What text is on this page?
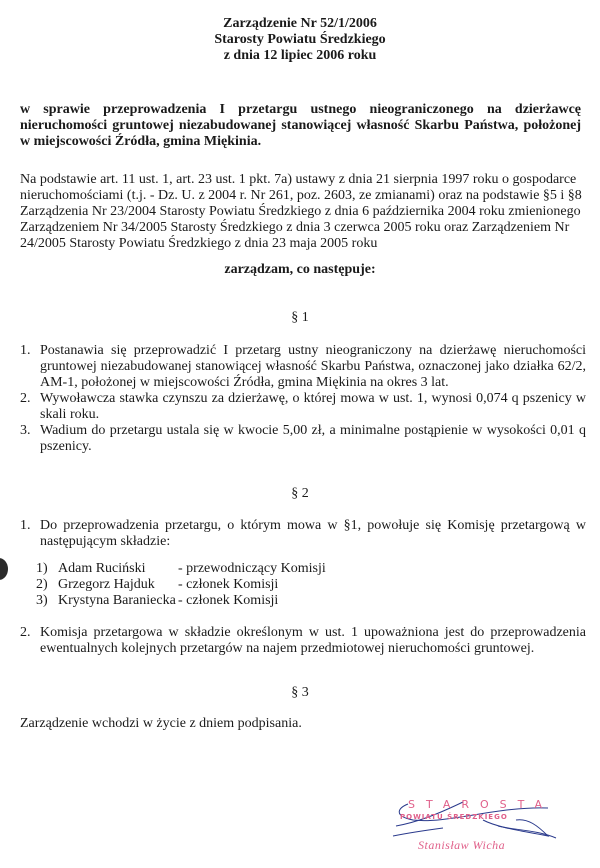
Zarządzenie Nr 52/1/2006
Starosty Powiatu Średzkiego
z dnia 12 lipiec 2006 roku
w sprawie przeprowadzenia I przetargu ustnego nieograniczonego na dzierżawcę
nieruchomości gruntowej niezabudowanej stanowiącej własność Skarbu Państwa, położonej
w miejscowości Źródła, gmina Miękinia.
Na podstawie art. 11 ust. 1, art. 23 ust. 1 pkt. 7a) ustawy z dnia 21 sierpnia 1997 roku o gospodarce
nieruchomościami (t.j. - Dz. U. z 2004 r. Nr 261, poz. 2603, ze zmianami) oraz na podstawie §5 i §8
Zarządzenia Nr 23/2004 Starosty Powiatu Średzkiego z dnia 6 października 2004 roku zmienionego
Zarządzeniem Nr 34/2005 Starosty Średzkiego z dnia 3 czerwca 2005 roku oraz Zarządzeniem Nr
24/2005 Starosty Powiatu Średzkiego z dnia 23 maja 2005 roku
zarządzam, co następuje:
§ 1
1. Postanawia się przeprowadzić I przetarg ustny nieograniczony na dzierżawę nieruchomości gruntowej niezabudowanej stanowiącej własność Skarbu Państwa, oznaczonej jako działka 62/2, AM-1, położonej w miejscowości Źródła, gmina Miękinia na okres 3 lat.
2. Wywoławcza stawka czynszu za dzierżawę, o której mowa w ust. 1, wynosi 0,074 q pszenicy w skali roku.
3. Wadium do przetargu ustala się w kwocie 5,00 zł, a minimalne postąpienie w wysokości 0,01 q pszenicy.
§ 2
1. Do przeprowadzenia przetargu, o którym mowa w §1, powołuje się Komisję przetargową w następującym składzie:
1) Adam Ruciński - przewodniczący Komisji
2) Grzegorz Hajduk - członek Komisji
3) Krystyna Baraniecka - członek Komisji
2. Komisja przetargowa w składzie określonym w ust. 1 upoważniona jest do przeprowadzenia ewentualnych kolejnych przetargów na najem przedmiotowej nieruchomości gruntowej.
§ 3
Zarządzenie wchodzi w życie z dniem podpisania.
STAROSTA
POWIATU ŚREDZKIEGO
Stanisław Wicha
